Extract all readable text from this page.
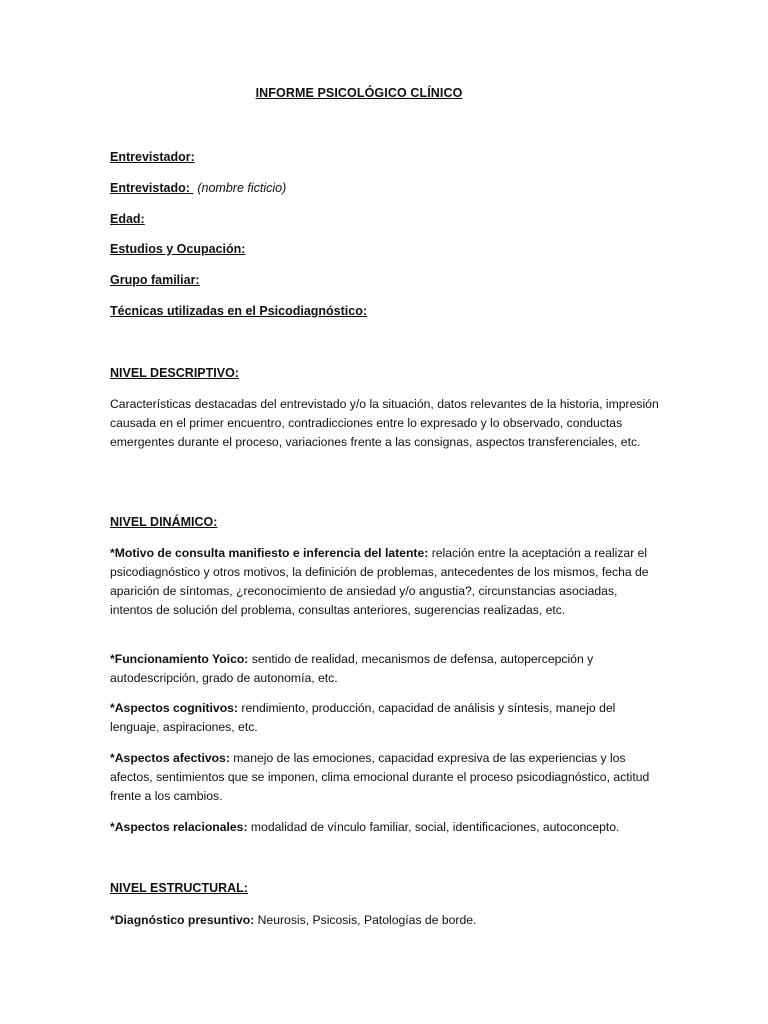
INFORME PSICOLÓGICO CLÍNICO
Entrevistador:
Entrevistado: (nombre ficticio)
Edad:
Estudios y Ocupación:
Grupo familiar:
Técnicas utilizadas en el Psicodiagnóstico:
NIVEL DESCRIPTIVO:
Características destacadas del entrevistado y/o la situación, datos relevantes de la historia, impresión causada en el primer encuentro, contradicciones entre lo expresado y lo observado, conductas emergentes durante el proceso, variaciones frente a las consignas, aspectos transferenciales, etc.
NIVEL DINÁMICO:
*Motivo de consulta manifiesto e inferencia del latente: relación entre la aceptación a realizar el psicodiagnóstico y otros motivos, la definición de problemas, antecedentes de los mismos, fecha de aparición de síntomas, ¿reconocimiento de ansiedad y/o angustia?, circunstancias asociadas, intentos de solución del problema, consultas anteriores, sugerencias realizadas, etc.
*Funcionamiento Yoico: sentido de realidad, mecanismos de defensa, autopercepción y autodescripción, grado de autonomía, etc.
*Aspectos cognitivos: rendimiento, producción, capacidad de análisis y síntesis, manejo del lenguaje, aspiraciones, etc.
*Aspectos afectivos: manejo de las emociones, capacidad expresiva de las experiencias y los afectos, sentimientos que se imponen, clima emocional durante el proceso psicodiagnóstico, actitud frente a los cambios.
*Aspectos relacionales: modalidad de vínculo familiar, social, identificaciones, autoconcepto.
NIVEL ESTRUCTURAL:
*Diagnóstico presuntivo: Neurosis, Psicosis, Patologías de borde.
